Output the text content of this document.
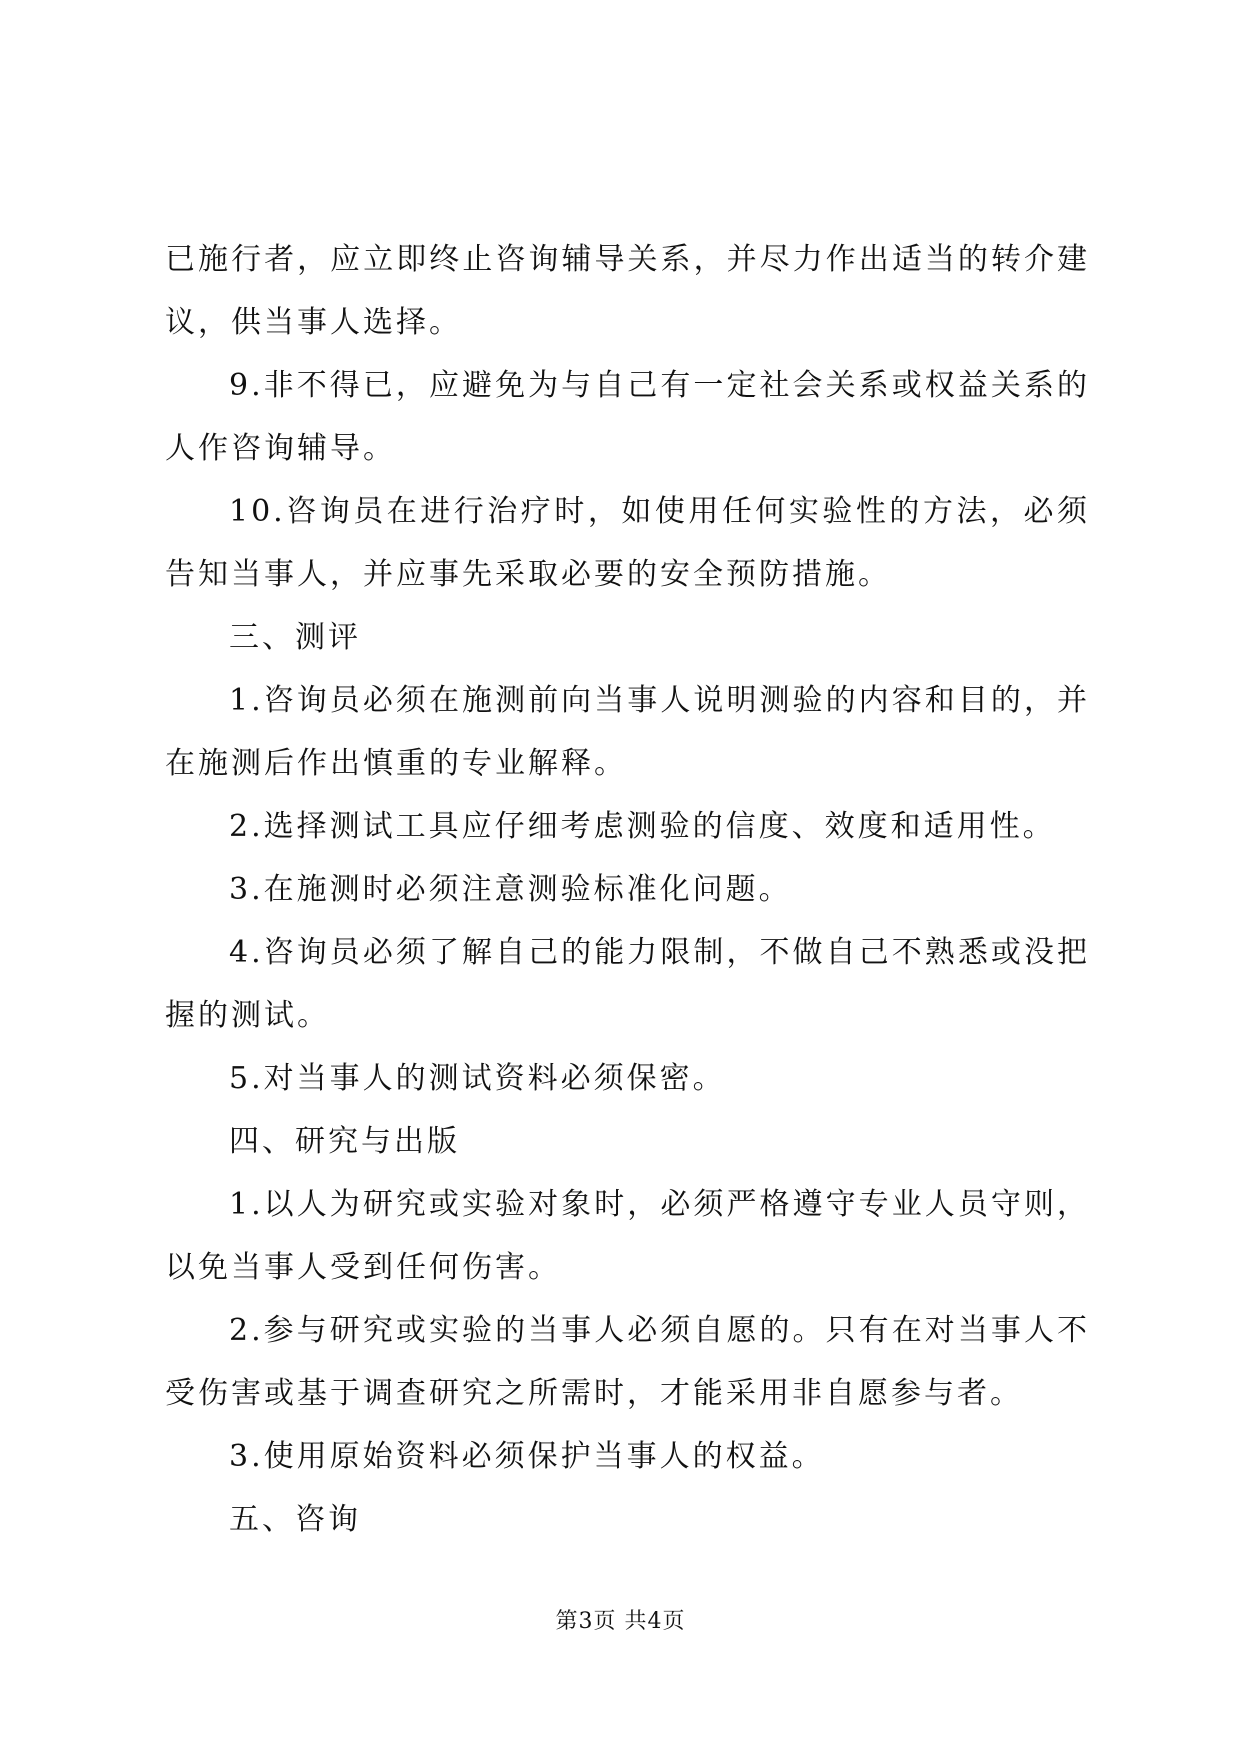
已施行者，应立即终止咨询辅导关系，并尽力作出适当的转介建议，供当事人选择。

9.非不得已，应避免为与自己有一定社会关系或权益关系的人作咨询辅导。

10.咨询员在进行治疗时，如使用任何实验性的方法，必须告知当事人，并应事先采取必要的安全预防措施。

三、测评

1.咨询员必须在施测前向当事人说明测验的内容和目的，并在施测后作出慎重的专业解释。

2.选择测试工具应仔细考虑测验的信度、效度和适用性。

3.在施测时必须注意测验标准化问题。

4.咨询员必须了解自己的能力限制，不做自己不熟悉或没把握的测试。

5.对当事人的测试资料必须保密。

四、研究与出版

1.以人为研究或实验对象时，必须严格遵守专业人员守则，以免当事人受到任何伤害。

2.参与研究或实验的当事人必须自愿的。只有在对当事人不受伤害或基于调查研究之所需时，才能采用非自愿参与者。

3.使用原始资料必须保护当事人的权益。

五、咨询

第3页 共4页
